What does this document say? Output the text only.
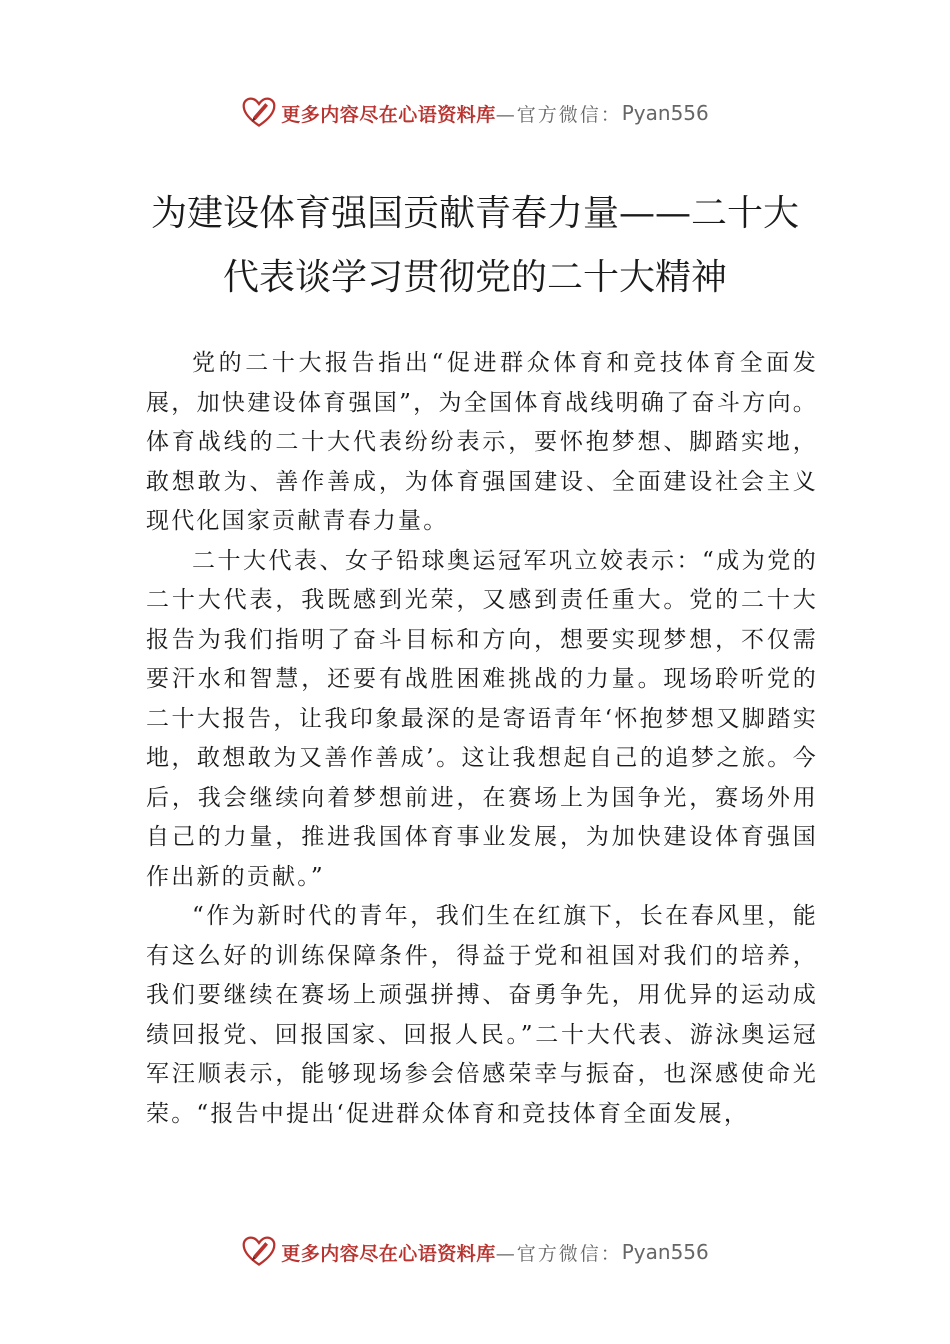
更多内容尽在心语资料库 —官方微信： Pyan556
为建设体育强国贡献青春力量——二十大
代表谈学习贯彻党的二十大精神

党的二十大报告指出“促进群众体育和竞技体育全面发展，加快建设体育强国”，为全国体育战线明确了奋斗方向。体育战线的二十大代表纷纷表示，要怀抱梦想、脚踏实地， 敢想敢为、善作善成，为体育强国建设、全面建设社会主义现代化国家贡献青春力量。

二十大代表、女子铅球奥运冠军巩立姣表示：“成为党的二十大代表，我既感到光荣，又感到责任重大。党的二十大报告为我们指明了奋斗目标和方向，想要实现梦想，不仅需要汗水和智慧，还要有战胜困难挑战的力量。现场聆听党的二十大报告，让我印象最深的是寄语青年‘怀抱梦想又脚踏实地，敢想敢为又善作善成’。这让我想起自己的追梦之旅。今后，我会继续向着梦想前进，在赛场上为国争光，赛场外用自己的力量，推进我国体育事业发展，为加快建设体育强国作出新的贡献。”

“作为新时代的青年，我们生在红旗下，长在春风里，能有这么好的训练保障条件，得益于党和祖国对我们的培养，我们要继续在赛场上顽强拼搏、奋勇争先，用优异的运动成绩回报党、回报国家、回报人民。”二十大代表、游泳奥运冠军汪顺表示，能够现场参会倍感荣幸与振奋，也深感使命光荣。“报告中提出‘促进群众体育和竞技体育全面发展，

更多内容尽在心语资料库 —官方微信： Pyan556
